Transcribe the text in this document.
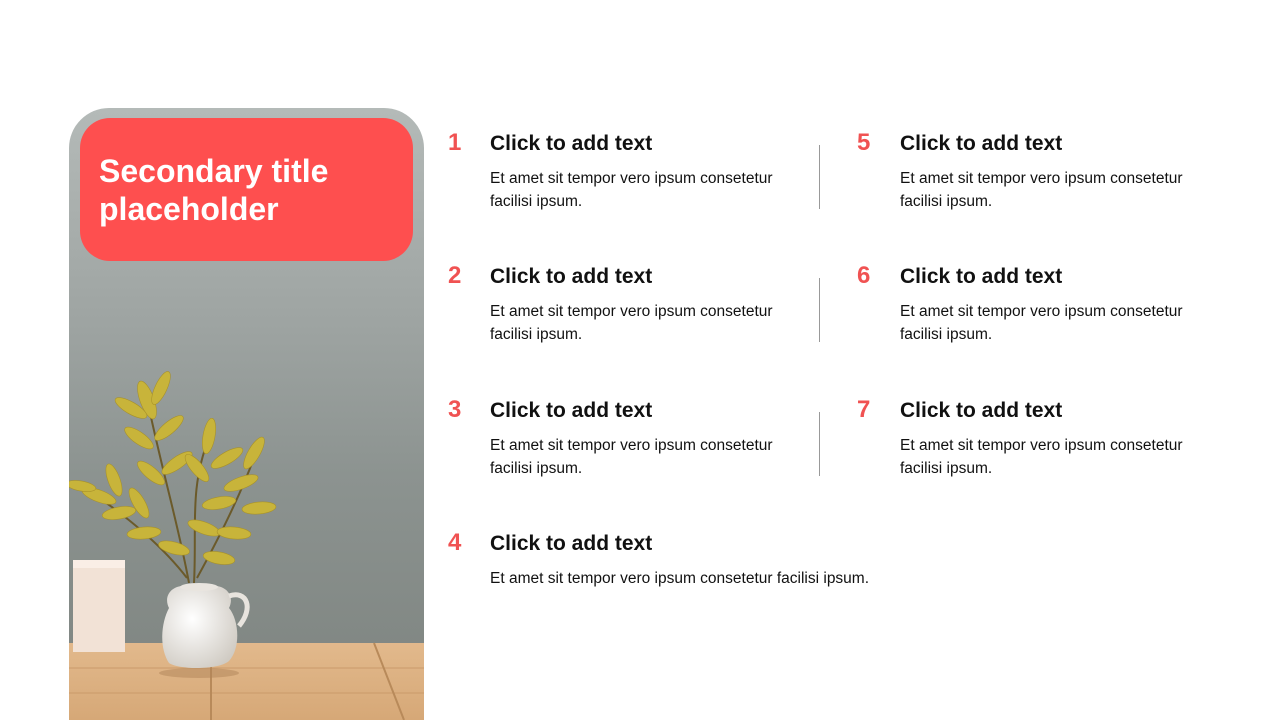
Secondary title placeholder
1 Click to add text
Et amet sit tempor vero ipsum consetetur facilisi ipsum.
2 Click to add text
Et amet sit tempor vero ipsum consetetur facilisi ipsum.
3 Click to add text
Et amet sit tempor vero ipsum consetetur facilisi ipsum.
4 Click to add text
Et amet sit tempor vero ipsum consetetur facilisi ipsum.
5 Click to add text
Et amet sit tempor vero ipsum consetetur facilisi ipsum.
6 Click to add text
Et amet sit tempor vero ipsum consetetur facilisi ipsum.
7 Click to add text
Et amet sit tempor vero ipsum consetetur facilisi ipsum.
